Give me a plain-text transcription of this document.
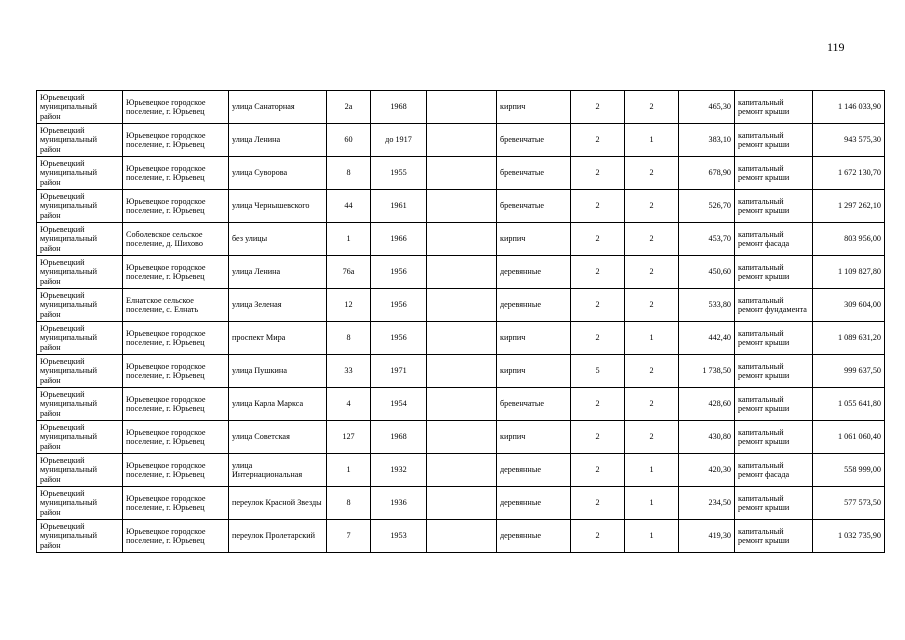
119
Юрьевецкий муниципальный район	Юрьевецкое городское поселение, г. Юрьевец	улица Санаторная	2а	1968		кирпич	2	2	465,30	капитальный ремонт крыши	1 146 033,90
Юрьевецкий муниципальный район	Юрьевецкое городское поселение, г. Юрьевец	улица Ленина	60	до 1917		бревенчатые	2	1	383,10	капитальный ремонт крыши	943 575,30
Юрьевецкий муниципальный район	Юрьевецкое городское поселение, г. Юрьевец	улица Суворова	8	1955		бревенчатые	2	2	678,90	капитальный ремонт крыши	1 672 130,70
Юрьевецкий муниципальный район	Юрьевецкое городское поселение, г. Юрьевец	улица Чернышевского	44	1961		бревенчатые	2	2	526,70	капитальный ремонт крыши	1 297 262,10
Юрьевецкий муниципальный район	Соболевское сельское поселение, д. Шихово	без улицы	1	1966		кирпич	2	2	453,70	капитальный ремонт фасада	803 956,00
Юрьевецкий муниципальный район	Юрьевецкое городское поселение, г. Юрьевец	улица Ленина	76а	1956		деревянные	2	2	450,60	капитальный ремонт крыши	1 109 827,80
Юрьевецкий муниципальный район	Елнатское сельское поселение, с. Елнать	улица Зеленая	12	1956		деревянные	2	2	533,80	капитальный ремонт фундамента	309 604,00
Юрьевецкий муниципальный район	Юрьевецкое городское поселение, г. Юрьевец	проспект Мира	8	1956		кирпич	2	1	442,40	капитальный ремонт крыши	1 089 631,20
Юрьевецкий муниципальный район	Юрьевецкое городское поселение, г. Юрьевец	улица Пушкина	33	1971		кирпич	5	2	1 738,50	капитальный ремонт крыши	999 637,50
Юрьевецкий муниципальный район	Юрьевецкое городское поселение, г. Юрьевец	улица Карла Маркса	4	1954		бревенчатые	2	2	428,60	капитальный ремонт крыши	1 055 641,80
Юрьевецкий муниципальный район	Юрьевецкое городское поселение, г. Юрьевец	улица Советская	127	1968		кирпич	2	2	430,80	капитальный ремонт крыши	1 061 060,40
Юрьевецкий муниципальный район	Юрьевецкое городское поселение, г. Юрьевец	улица Интернациональная	1	1932		деревянные	2	1	420,30	капитальный ремонт фасада	558 999,00
Юрьевецкий муниципальный район	Юрьевецкое городское поселение, г. Юрьевец	переулок Красной Звезды	8	1936		деревянные	2	1	234,50	капитальный ремонт крыши	577 573,50
Юрьевецкий муниципальный район	Юрьевецкое городское поселение, г. Юрьевец	переулок Пролетарский	7	1953		деревянные	2	1	419,30	капитальный ремонт крыши	1 032 735,90
